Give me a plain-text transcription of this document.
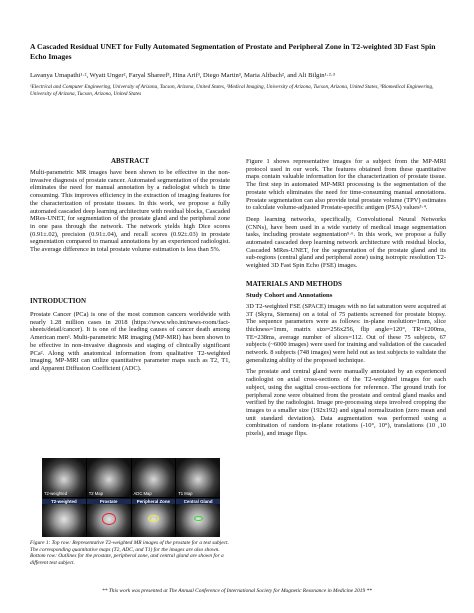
A Cascaded Residual UNET for Fully Automated Segmentation of Prostate and Peripheral Zone in T2-weighted 3D Fast Spin Echo Images
Lavanya Umapathi¹·², Wyatt Unger², Faryal Shareef³, Hina Arif³, Diego Martin³, Maria Altbach², and Ali Bilgin¹·²·³
¹Electrical and Computer Engineering, University of Arizona, Tucson, Arizona, United States, ²Medical Imaging, University of Arizona, Tucson, Arizona, United States, ³Biomedical Engineering, University of Arizona, Tucson, Arizona, United States
ABSTRACT

Multi-parametric MR images have been shown to be effective in the non-invasive diagnosis of prostate cancer. Automated segmentation of the prostate eliminates the need for manual annotation by a radiologist which is time consuming. This improves efficiency in the extraction of imaging features for the characterization of prostate tissues. In this work, we propose a fully automated cascaded deep learning architecture with residual blocks, Cascaded MRes-UNET, for segmentation of the prostate gland and the peripheral zone in one pass through the network. The network yields high Dice scores (0.91±.02), precision (0.91±.04), and recall scores (0.92±.03) in prostate segmentation compared to manual annotations by an experienced radiologist. The average difference in total prostate volume estimation is less than 5%.

INTRODUCTION

Prostate Cancer (PCa) is one of the most common cancers worldwide with nearly 1.28 million cases in 2018 (https://www.who.int/news-room/fact-sheets/detail/cancer). It is one of the leading causes of cancer death among American men¹. Multi-parametric MR imaging (MP-MRI) has been shown to be effective in non-invasive diagnosis and staging of clinically significant PCa². Along with anatomical information from qualitative T2-weighted imaging, MP-MRI can utilize quantitative parameter maps such as T2, T1, and Apparent Diffusion Coefficient (ADC).

T2-weighted	T2 Map	ADC Map	T1 Map
T2-weighted	Prostate	Peripheral Zone	Central Gland
Figure 1: Top row: Representative T2-weighted MR images of the prostate for a test subject. The corresponding quantitative maps (T2, ADC, and T1) for the images are also shown. Bottom row: Outlines for the prostate, peripheral zone, and central gland are shown for a different test subject.

Figure 1 shows representative images for a subject from the MP-MRI protocol used in our work. The features obtained from these quantitative maps contain valuable information for the characterization of prostate tissue. The first step in automated MP-MRI processing is the segmentation of the prostate which eliminates the need for time-consuming manual annotations. Prostate segmentation can also provide total prostate volume (TPV) estimates to calculate volume-adjusted Prostate-specific antigen (PSA) values³·⁴.

Deep learning networks, specifically, Convolutional Neural Networks (CNNs), have been used in a wide variety of medical image segmentation tasks, including prostate segmentation⁵·⁶. In this work, we propose a fully automated cascaded deep learning network architecture with residual blocks, Cascaded MRes-UNET, for the segmentation of the prostate gland and its sub-regions (central gland and peripheral zone) using isotropic resolution T2-weighted 3D Fast Spin Echo (FSE) images.

MATERIALS AND METHODS
Study Cohort and Annotations

3D T2-weighted FSE (SPACE) images with no fat saturation were acquired at 3T (Skyra, Siemens) on a total of 75 patients screened for prostate biopsy. The sequence parameters were as follows: in-plane resolution=1mm, slice thickness=1mm, matrix size=256x256, flip angle=120°, TR=1200ms, TE=238ms, average number of slices=112. Out of these 75 subjects, 67 subjects (~6000 images) were used for training and validation of the cascaded network. 8 subjects (748 images) were held out as test subjects to validate the generalizing ability of the proposed technique.

The prostate and central gland were manually annotated by an experienced radiologist on axial cross-sections of the T2-weighted images for each subject, using the sagittal cross-sections for reference. The ground truth for peripheral zone were obtained from the prostate and central gland masks and verified by the radiologist. Image pre-processing steps involved cropping the images to a smaller size (192x192) and signal normalization (zero mean and unit standard deviation). Data augmentation was performed using a combination of random in-plane rotations (-10°, 10°), translations (10 ,10 pixels), and image flips.

** This work was presented at The Annual Conference of International Society for Magnetic Resonance in Medicine 2019 **
